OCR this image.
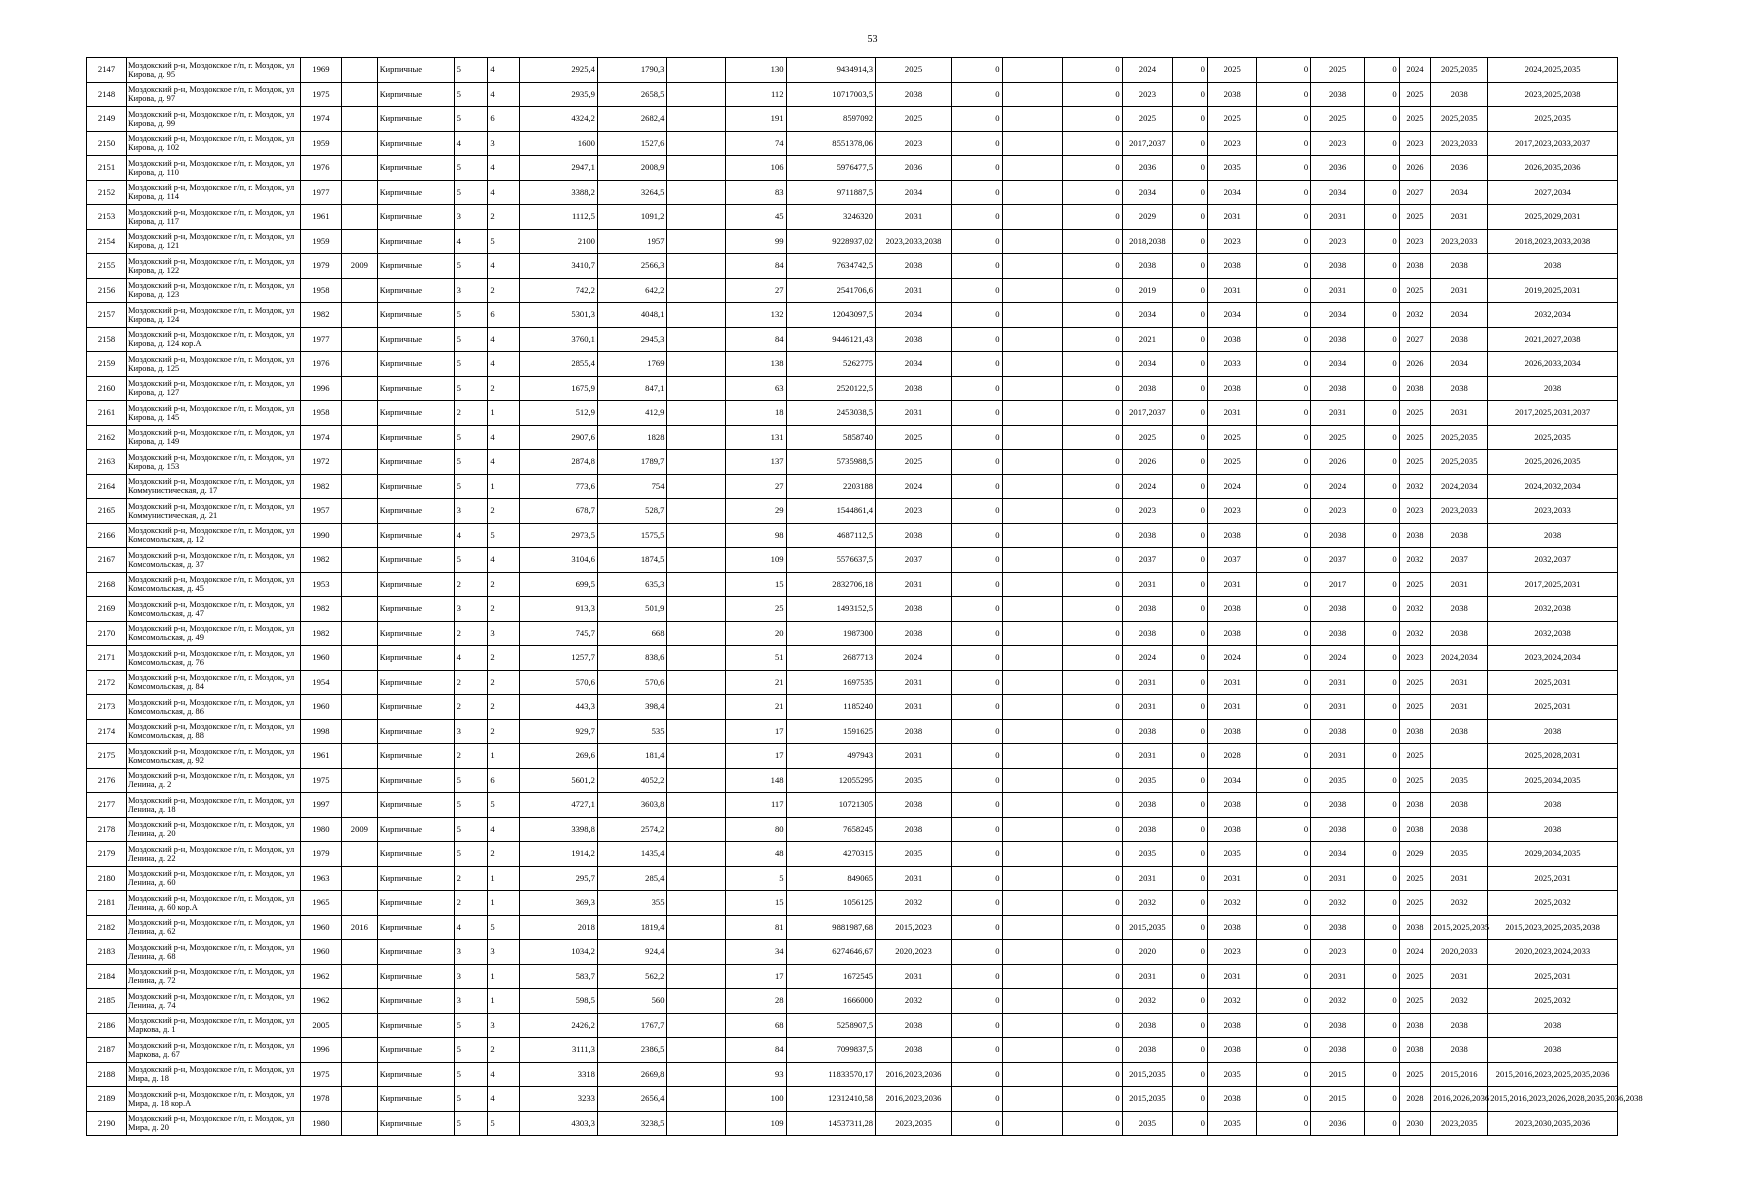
53
2147	Моздокский р-н, Моздокское г/п, г. Моздок, ул Кирова, д. 95	1969		Кирпичные	5	4	2925,4	1790,3		130	9434914,3	2025	0		0	2024	0	2025	0	2025	0	2024	2025,2035	2024,2025,2035
2148	Моздокский р-н, Моздокское г/п, г. Моздок, ул Кирова, д. 97	1975		Кирпичные	5	4	2935,9	2658,5		112	10717003,5	2038	0		0	2023	0	2038	0	2038	0	2025	2038	2023,2025,2038
2149	Моздокский р-н, Моздокское г/п, г. Моздок, ул Кирова, д. 99	1974		Кирпичные	5	6	4324,2	2682,4		191	8597092	2025	0		0	2025	0	2025	0	2025	0	2025	2025,2035	2025,2035
2150	Моздокский р-н, Моздокское г/п, г. Моздок, ул Кирова, д. 102	1959		Кирпичные	4	3	1600	1527,6		74	8551378,06	2023	0		0	2017,2037	0	2023	0	2023	0	2023	2023,2033	2017,2023,2033,2037
2151	Моздокский р-н, Моздокское г/п, г. Моздок, ул Кирова, д. 110	1976		Кирпичные	5	4	2947,1	2008,9		106	5976477,5	2036	0		0	2036	0	2035	0	2036	0	2026	2036	2026,2035,2036
2152	Моздокский р-н, Моздокское г/п, г. Моздок, ул Кирова, д. 114	1977		Кирпичные	5	4	3388,2	3264,5		83	9711887,5	2034	0		0	2034	0	2034	0	2034	0	2027	2034	2027,2034
2153	Моздокский р-н, Моздокское г/п, г. Моздок, ул Кирова, д. 117	1961		Кирпичные	3	2	1112,5	1091,2		45	3246320	2031	0		0	2029	0	2031	0	2031	0	2025	2031	2025,2029,2031
2154	Моздокский р-н, Моздокское г/п, г. Моздок, ул Кирова, д. 121	1959		Кирпичные	4	5	2100	1957		99	9228937,02	2023,2033,2038	0		0	2018,2038	0	2023	0	2023	0	2023	2023,2033	2018,2023,2033,2038
2155	Моздокский р-н, Моздокское г/п, г. Моздок, ул Кирова, д. 122	1979	2009	Кирпичные	5	4	3410,7	2566,3		84	7634742,5	2038	0		0	2038	0	2038	0	2038	0	2038	2038	2038
2156	Моздокский р-н, Моздокское г/п, г. Моздок, ул Кирова, д. 123	1958		Кирпичные	3	2	742,2	642,2		27	2541706,6	2031	0		0	2019	0	2031	0	2031	0	2025	2031	2019,2025,2031
2157	Моздокский р-н, Моздокское г/п, г. Моздок, ул Кирова, д. 124	1982		Кирпичные	5	6	5301,3	4048,1		132	12043097,5	2034	0		0	2034	0	2034	0	2034	0	2032	2034	2032,2034
2158	Моздокский р-н, Моздокское г/п, г. Моздок, ул Кирова, д. 124 кор.А	1977		Кирпичные	5	4	3760,1	2945,3		84	9446121,43	2038	0		0	2021	0	2038	0	2038	0	2027	2038	2021,2027,2038
2159	Моздокский р-н, Моздокское г/п, г. Моздок, ул Кирова, д. 125	1976		Кирпичные	5	4	2855,4	1769		138	5262775	2034	0		0	2034	0	2033	0	2034	0	2026	2034	2026,2033,2034
2160	Моздокский р-н, Моздокское г/п, г. Моздок, ул Кирова, д. 127	1996		Кирпичные	5	2	1675,9	847,1		63	2520122,5	2038	0		0	2038	0	2038	0	2038	0	2038	2038	2038
2161	Моздокский р-н, Моздокское г/п, г. Моздок, ул Кирова, д. 145	1958		Кирпичные	2	1	512,9	412,9		18	2453038,5	2031	0		0	2017,2037	0	2031	0	2031	0	2025	2031	2017,2025,2031,2037
2162	Моздокский р-н, Моздокское г/п, г. Моздок, ул Кирова, д. 149	1974		Кирпичные	5	4	2907,6	1828		131	5858740	2025	0		0	2025	0	2025	0	2025	0	2025	2025,2035	2025,2035
2163	Моздокский р-н, Моздокское г/п, г. Моздок, ул Кирова, д. 153	1972		Кирпичные	5	4	2874,8	1789,7		137	5735988,5	2025	0		0	2026	0	2025	0	2026	0	2025	2025,2035	2025,2026,2035
2164	Моздокский р-н, Моздокское г/п, г. Моздок, ул Коммунистическая, д. 17	1982		Кирпичные	5	1	773,6	754		27	2203188	2024	0		0	2024	0	2024	0	2024	0	2032	2024,2034	2024,2032,2034
2165	Моздокский р-н, Моздокское г/п, г. Моздок, ул Коммунистическая, д. 21	1957		Кирпичные	3	2	678,7	528,7		29	1544861,4	2023	0		0	2023	0	2023	0	2023	0	2023	2023,2033	2023,2033
2166	Моздокский р-н, Моздокское г/п, г. Моздок, ул Комсомольская, д. 12	1990		Кирпичные	4	5	2973,5	1575,5		98	4687112,5	2038	0		0	2038	0	2038	0	2038	0	2038	2038	2038
2167	Моздокский р-н, Моздокское г/п, г. Моздок, ул Комсомольская, д. 37	1982		Кирпичные	5	4	3104,6	1874,5		109	5576637,5	2037	0		0	2037	0	2037	0	2037	0	2032	2037	2032,2037
2168	Моздокский р-н, Моздокское г/п, г. Моздок, ул Комсомольская, д. 45	1953		Кирпичные	2	2	699,5	635,3		15	2832706,18	2031	0		0	2031	0	2031	0	2017	0	2025	2031	2017,2025,2031
2169	Моздокский р-н, Моздокское г/п, г. Моздок, ул Комсомольская, д. 47	1982		Кирпичные	3	2	913,3	501,9		25	1493152,5	2038	0		0	2038	0	2038	0	2038	0	2032	2038	2032,2038
2170	Моздокский р-н, Моздокское г/п, г. Моздок, ул Комсомольская, д. 49	1982		Кирпичные	2	3	745,7	668		20	1987300	2038	0		0	2038	0	2038	0	2038	0	2032	2038	2032,2038
2171	Моздокский р-н, Моздокское г/п, г. Моздок, ул Комсомольская, д. 76	1960		Кирпичные	4	2	1257,7	838,6		51	2687713	2024	0		0	2024	0	2024	0	2024	0	2023	2024,2034	2023,2024,2034
2172	Моздокский р-н, Моздокское г/п, г. Моздок, ул Комсомольская, д. 84	1954		Кирпичные	2	2	570,6	570,6		21	1697535	2031	0		0	2031	0	2031	0	2031	0	2025	2031	2025,2031
2173	Моздокский р-н, Моздокское г/п, г. Моздок, ул Комсомольская, д. 86	1960		Кирпичные	2	2	443,3	398,4		21	1185240	2031	0		0	2031	0	2031	0	2031	0	2025	2031	2025,2031
2174	Моздокский р-н, Моздокское г/п, г. Моздок, ул Комсомольская, д. 88	1998		Кирпичные	3	2	929,7	535		17	1591625	2038	0		0	2038	0	2038	0	2038	0	2038	2038	2038
2175	Моздокский р-н, Моздокское г/п, г. Моздок, ул Комсомольская, д. 92	1961		Кирпичные	2	1	269,6	181,4		17	497943	2031	0		0	2031	0	2028	0	2031	0	2025		2025,2028,2031
2176	Моздокский р-н, Моздокское г/п, г. Моздок, ул Ленина, д. 2	1975		Кирпичные	5	6	5601,2	4052,2		148	12055295	2035	0		0	2035	0	2034	0	2035	0	2025	2035	2025,2034,2035
2177	Моздокский р-н, Моздокское г/п, г. Моздок, ул Ленина, д. 18	1997		Кирпичные	5	5	4727,1	3603,8		117	10721305	2038	0		0	2038	0	2038	0	2038	0	2038	2038	2038
2178	Моздокский р-н, Моздокское г/п, г. Моздок, ул Ленина, д. 20	1980	2009	Кирпичные	5	4	3398,8	2574,2		80	7658245	2038	0		0	2038	0	2038	0	2038	0	2038	2038	2038
2179	Моздокский р-н, Моздокское г/п, г. Моздок, ул Ленина, д. 22	1979		Кирпичные	5	2	1914,2	1435,4		48	4270315	2035	0		0	2035	0	2035	0	2034	0	2029	2035	2029,2034,2035
2180	Моздокский р-н, Моздокское г/п, г. Моздок, ул Ленина, д. 60	1963		Кирпичные	2	1	295,7	285,4		5	849065	2031	0		0	2031	0	2031	0	2031	0	2025	2031	2025,2031
2181	Моздокский р-н, Моздокское г/п, г. Моздок, ул Ленина, д. 60 кор.А	1965		Кирпичные	2	1	369,3	355		15	1056125	2032	0		0	2032	0	2032	0	2032	0	2025	2032	2025,2032
2182	Моздокский р-н, Моздокское г/п, г. Моздок, ул Ленина, д. 62	1960	2016	Кирпичные	4	5	2018	1819,4		81	9881987,68	2015,2023	0		0	2015,2035	0	2038	0	2038	0	2038	2015,2025,2035	2015,2023,2025,2035,2038
2183	Моздокский р-н, Моздокское г/п, г. Моздок, ул Ленина, д. 68	1960		Кирпичные	3	3	1034,2	924,4		34	6274646,67	2020,2023	0		0	2020	0	2023	0	2023	0	2024	2020,2033	2020,2023,2024,2033
2184	Моздокский р-н, Моздокское г/п, г. Моздок, ул Ленина, д. 72	1962		Кирпичные	3	1	583,7	562,2		17	1672545	2031	0		0	2031	0	2031	0	2031	0	2025	2031	2025,2031
2185	Моздокский р-н, Моздокское г/п, г. Моздок, ул Ленина, д. 74	1962		Кирпичные	3	1	598,5	560		28	1666000	2032	0		0	2032	0	2032	0	2032	0	2025	2032	2025,2032
2186	Моздокский р-н, Моздокское г/п, г. Моздок, ул Маркова, д. 1	2005		Кирпичные	5	3	2426,2	1767,7		68	5258907,5	2038	0		0	2038	0	2038	0	2038	0	2038	2038	2038
2187	Моздокский р-н, Моздокское г/п, г. Моздок, ул Маркова, д. 67	1996		Кирпичные	5	2	3111,3	2386,5		84	7099837,5	2038	0		0	2038	0	2038	0	2038	0	2038	2038	2038
2188	Моздокский р-н, Моздокское г/п, г. Моздок, ул Мира, д. 18	1975		Кирпичные	5	4	3318	2669,8		93	11833570,17	2016,2023,2036	0		0	2015,2035	0	2035	0	2015	0	2025	2015,2016	2015,2016,2023,2025,2035,2036
2189	Моздокский р-н, Моздокское г/п, г. Моздок, ул Мира, д. 18 кор.А	1978		Кирпичные	5	4	3233	2656,4		100	12312410,58	2016,2023,2036	0		0	2015,2035	0	2038	0	2015	0	2028	2016,2026,2036	2015,2016,2023,2026,2028,2035,2036,2038
2190	Моздокский р-н, Моздокское г/п, г. Моздок, ул Мира, д. 20	1980		Кирпичные	5	5	4303,3	3238,5		109	14537311,28	2023,2035	0		0	2035	0	2035	0	2036	0	2030	2023,2035	2023,2030,2035,2036
